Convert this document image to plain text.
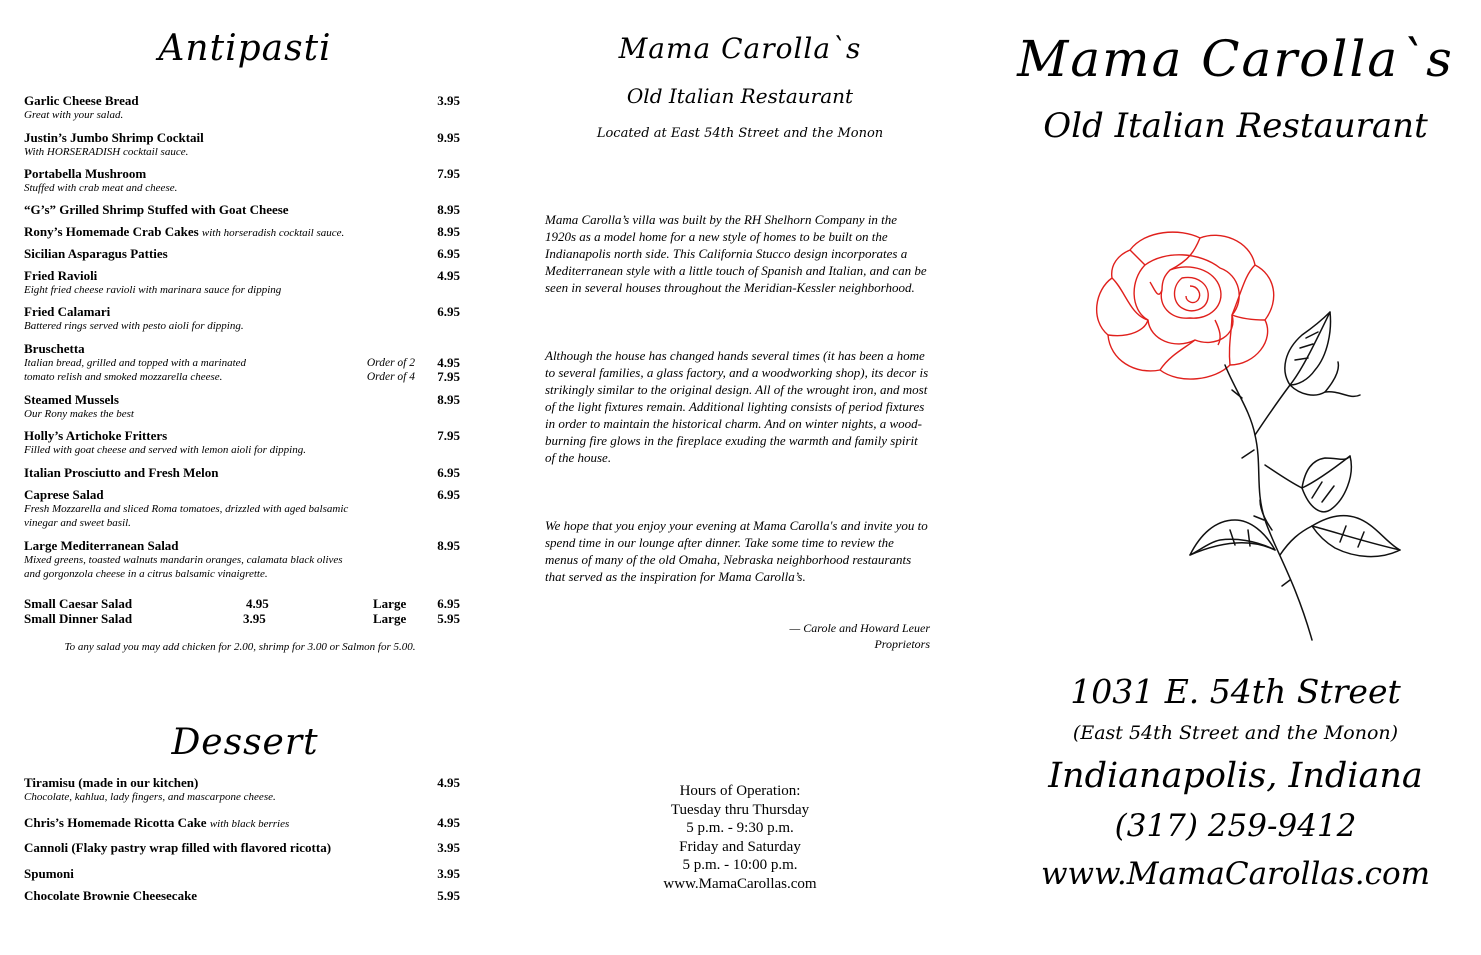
Antipasti
Garlic Cheese Bread	3.95
Great with your salad.
Justin’s Jumbo Shrimp Cocktail	9.95
With HORSERADISH cocktail sauce.
Portabella Mushroom	7.95
Stuffed with crab meat and cheese.
“G’s” Grilled Shrimp Stuffed with Goat Cheese	8.95
Rony’s Homemade Crab Cakes with horseradish cocktail sauce.	8.95
Sicilian Asparagus Patties	6.95
Fried Ravioli	4.95
Eight fried cheese ravioli with marinara sauce for dipping
Fried Calamari	6.95
Battered rings served with pesto aioli for dipping.
Bruschetta
Italian bread, grilled and topped with a marinated
tomato relish and smoked mozzarella cheese.
Order of 2 4.95
Order of 4 7.95
Steamed Mussels	8.95
Our Rony makes the best
Holly’s Artichoke Fritters	7.95
Filled with goat cheese and served with lemon aioli for dipping.
Italian Prosciutto and Fresh Melon	6.95
Caprese Salad	6.95
Fresh Mozzarella and sliced Roma tomatoes, drizzled with aged balsamic
vinegar and sweet basil.
Large Mediterranean Salad	8.95
Mixed greens, toasted walnuts mandarin oranges, calamata black olives
and gorgonzola cheese in a citrus balsamic vinaigrette.
Small Caesar Salad	4.95	Large 6.95
Small Dinner Salad	3.95	Large 5.95
To any salad you may add chicken for 2.00, shrimp for 3.00 or Salmon for 5.00.
Dessert
Tiramisu (made in our kitchen)	4.95
Chocolate, kahlua, lady fingers, and mascarpone cheese.
Chris’s Homemade Ricotta Cake with black berries	4.95
Cannoli (Flaky pastry wrap filled with flavored ricotta)	3.95
Spumoni	3.95
Chocolate Brownie Cheesecake	5.95
Mama Carolla`s
Old Italian Restaurant
Located at East 54th Street and the Monon
Mama Carolla’s villa was built by the RH Shelhorn Company in the 1920s as a model home for a new style of homes to be built on the Indianapolis north side. This California Stucco design incorporates a Mediterranean style with a little touch of Spanish and Italian, and can be seen in several houses throughout the Meridian-Kessler neighborhood.
Although the house has changed hands several times (it has been a home to several families, a glass factory, and a woodworking shop), its decor is strikingly similar to the original design. All of the wrought iron, and most of the light fixtures remain. Additional lighting consists of period fixtures in order to maintain the historical charm. And on winter nights, a wood-burning fire glows in the fireplace exuding the warmth and family spirit of the house.
We hope that you enjoy your evening at Mama Carolla's and invite you to spend time in our lounge after dinner. Take some time to review the menus of many of the old Omaha, Nebraska neighborhood restaurants that served as the inspiration for Mama Carolla’s.
— Carole and Howard Leuer
Proprietors
Hours of Operation:
Tuesday thru Thursday
5 p.m. - 9:30 p.m.
Friday and Saturday
5 p.m. - 10:00 p.m.
www.MamaCarollas.com
Mama Carolla`s
Old Italian Restaurant
1031 E. 54th Street
(East 54th Street and the Monon)
Indianapolis, Indiana
(317) 259-9412
www.MamaCarollas.com
